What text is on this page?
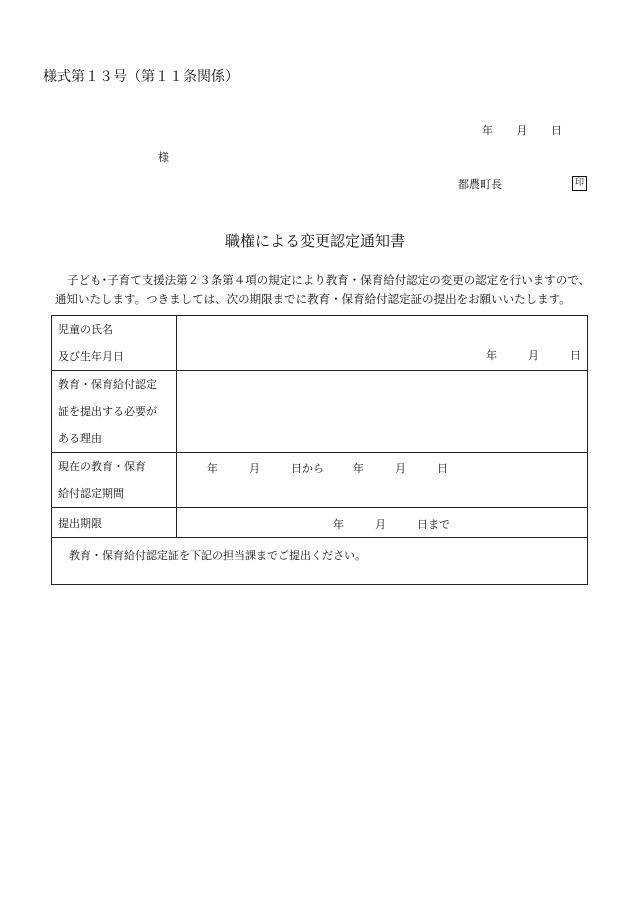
様式第１３号（第１１条関係）
年 月 日
様
都農町長	印
職権による変更認定通知書

子ども･子育て支援法第２３条第４項の規定により教育・保育給付認定の変更の認定を行いますので、

通知いたします。つきましては、次の期限までに教育・保育給付認定証の提出をお願いいたします。

児童の氏名
及び生年月日	年 月 日

教育・保育給付認定
証を提出する必要が
ある理由	

現在の教育・保育
給付認定期間	年 月 日から 年 月 日

提出期限	年 月 日まで

教育・保育給付認定証を下記の担当課までご提出ください。	
